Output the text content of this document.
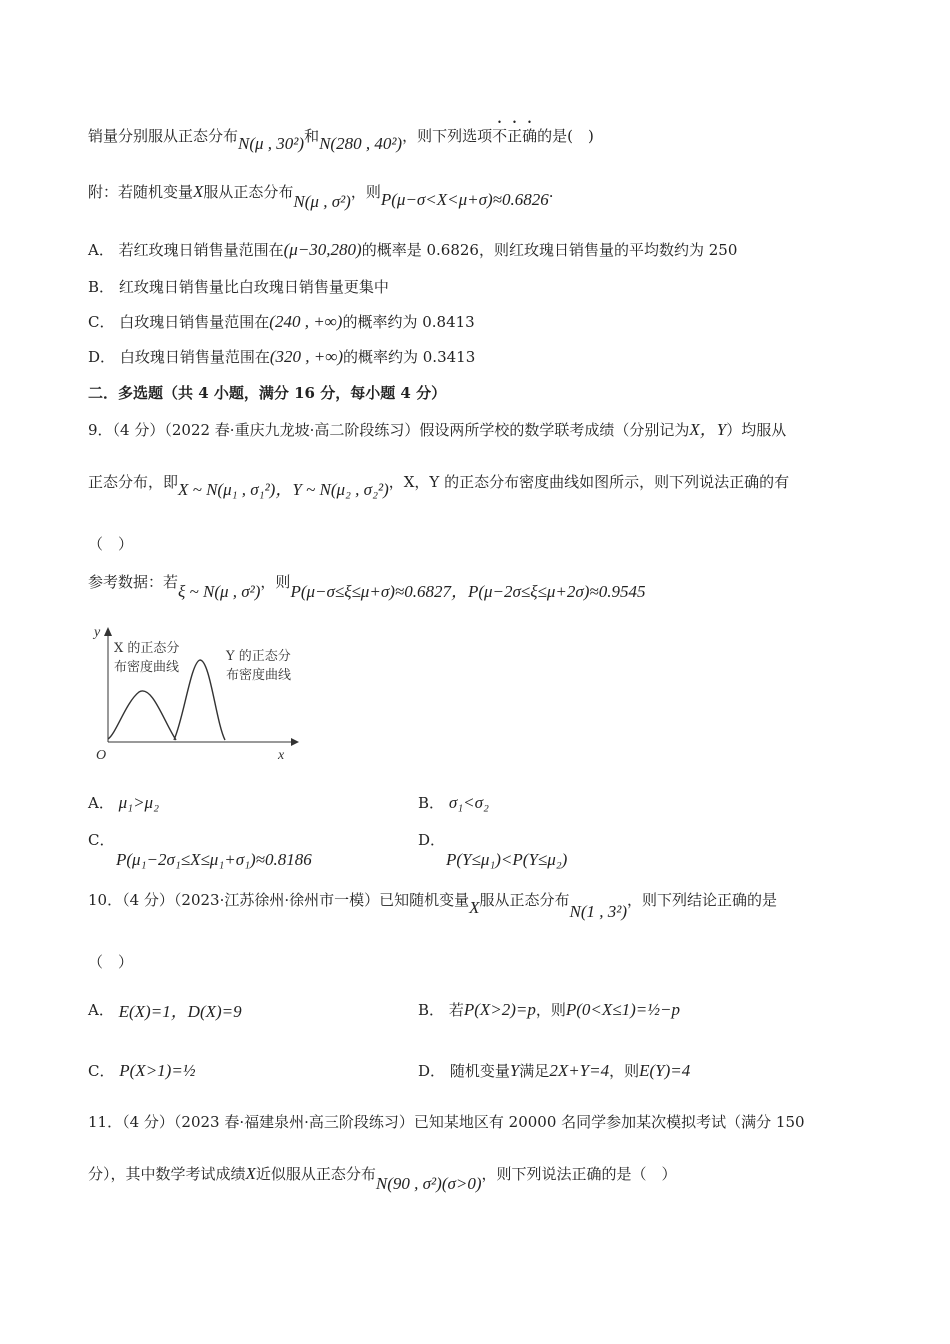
销量分别服从正态分布N(μ , 30²)和N(280 , 40²)，则下列选项不正确的是(　)
附：若随机变量X服从正态分布N(μ , σ²)，则P(μ−σ<X<μ+σ)≈0.6826.
A． 若红玫瑰日销售量范围在(μ−30,280)的概率是 0.6826，则红玫瑰日销售量的平均数约为 250
B． 红玫瑰日销售量比白玫瑰日销售量更集中
C． 白玫瑰日销售量范围在(240 , +∞)的概率约为 0.8413
D． 白玫瑰日销售量范围在(320 , +∞)的概率约为 0.3413
二．多选题（共 4 小题，满分 16 分，每小题 4 分）
9．（4 分）（2022 春·重庆九龙坡·高二阶段练习）假设两所学校的数学联考成绩（分别记为X，Y）均服从
正态分布，即X ~ N(μ₁ , σ₁²)，Y ~ N(μ₂ , σ₂²)，X，Y 的正态分布密度曲线如图所示，则下列说法正确的有
（　）
参考数据：若ξ ~ N(μ , σ²)，则P(μ−σ≤ξ≤μ+σ)≈0.6827，P(μ−2σ≤ξ≤μ+2σ)≈0.9545
y
x
O
X 的正态分
布密度曲线
Y 的正态分
布密度曲线
A． μ₁>μ₂	B． σ₁<σ₂
C．
P(μ₁−2σ₁≤X≤μ₁+σ₁)≈0.8186
D．
P(Y≤μ₁)<P(Y≤μ₂)
10．（4 分）（2023·江苏徐州·徐州市一模）已知随机变量X服从正态分布N(1 , 3²)，则下列结论正确的是
（　）
A． E(X)=1，D(X)=9	B． 若P(X>2)=p，则P(0<X≤1)=½−p
C． P(X>1)=½	D． 随机变量Y满足2X+Y=4，则E(Y)=4
11．（4 分）（2023 春·福建泉州·高三阶段练习）已知某地区有 20000 名同学参加某次模拟考试（满分 150
分），其中数学考试成绩X近似服从正态分布N(90 , σ²)(σ>0)，则下列说法正确的是（　）
